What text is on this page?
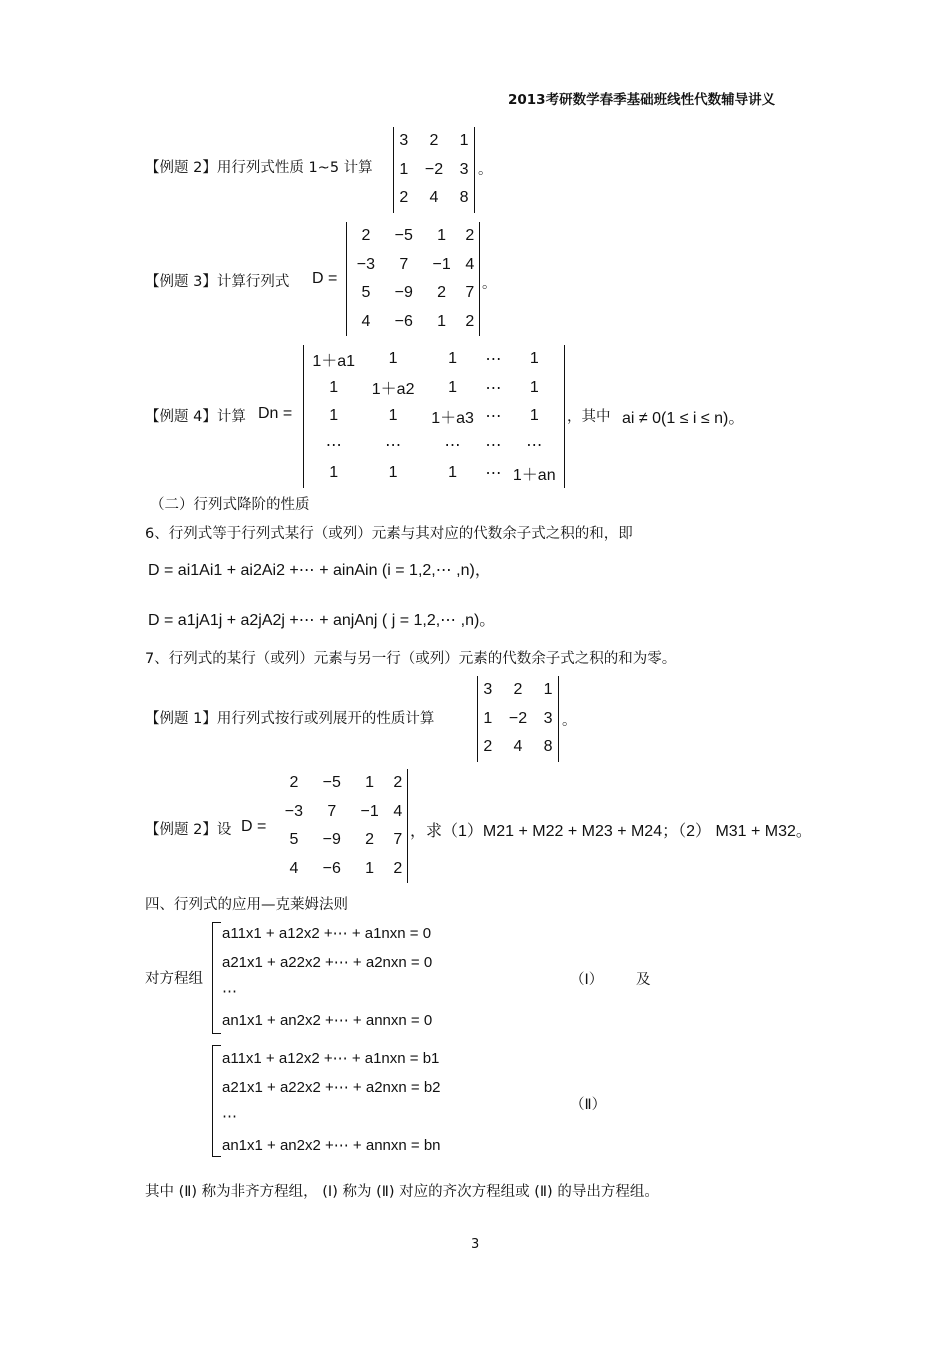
2013考研数学春季基础班线性代数辅导讲义
【例题 2】用行列式性质 1~5 计算
3	2	1
1	−2	3
2	4	8
。
【例题 3】计算行列式 D =
2	−5	1	2
−3	7	−1	4
5	−9	2	7
4	−6	1	2
。
【例题 4】计算 Dn =
1＋a1	1	1	⋯	1
1	1＋a2	1	⋯	1
1	1	1＋a3	⋯	1
⋯	⋯	⋯	⋯	⋯
1	1	1	⋯	1＋an
，其中 ai ≠ 0(1 ≤ i ≤ n)。
（二）行列式降阶的性质
6、行列式等于行列式某行（或列）元素与其对应的代数余子式之积的和，即
D = ai1Ai1 + ai2Ai2 +⋯ + ainAin (i = 1,2,⋯ ,n)，
D = a1jA1j + a2jA2j +⋯ + anjAnj ( j = 1,2,⋯ ,n)。
7、行列式的某行（或列）元素与另一行（或列）元素的代数余子式之积的和为零。
【例题 1】用行列式按行或列展开的性质计算
3	2	1
1	−2	3
2	4	8
。
【例题 2】设 D =
2	−5	1	2
−3	7	−1	4
5	−9	2	7
4	−6	1	2
，求（1）M21 + M22 + M23 + M24；（2） M31 + M32。
四、行列式的应用—克莱姆法则
对方程组
a11x1 + a12x2 +⋯ + a1nxn = 0
a21x1 + a22x2 +⋯ + a2nxn = 0
⋯
an1x1 + an2x2 +⋯ + annxn = 0
（Ⅰ） 及
a11x1 + a12x2 +⋯ + a1nxn = b1
a21x1 + a22x2 +⋯ + a2nxn = b2
⋯
an1x1 + an2x2 +⋯ + annxn = bn
（Ⅱ）
其中 (Ⅱ) 称为非齐方程组， (Ⅰ) 称为 (Ⅱ) 对应的齐次方程组或 (Ⅱ) 的导出方程组。
3
